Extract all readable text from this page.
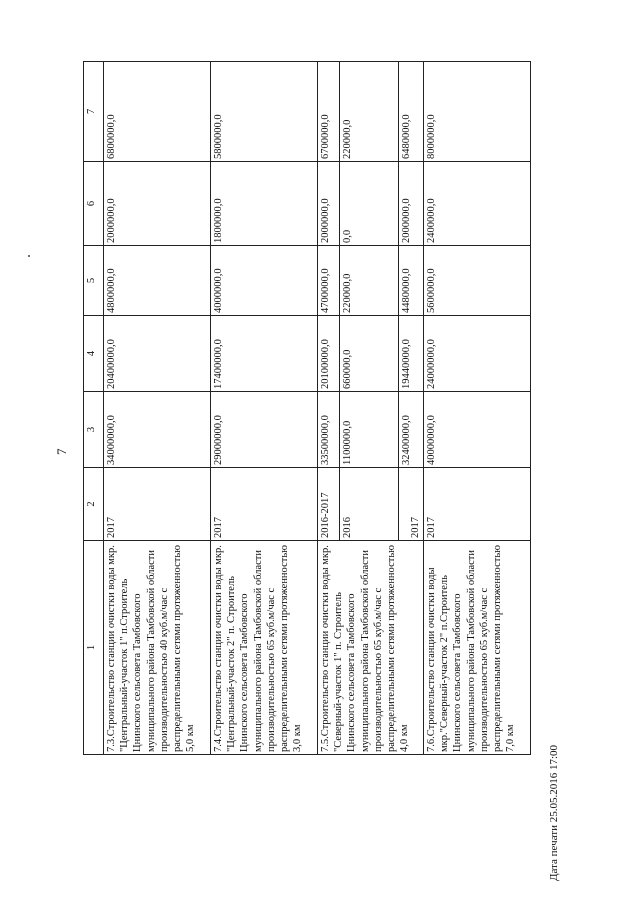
7
1	2	3	4	5	6	7
7.3.Строительство станции очистки воды мкр. "Центральный-участок 1" п.Строитель Цнинского сельсовета Тамбовского муниципального района Тамбовской области производительностью 40 куб.м/час с распределительными сетями протяженностью 5,0 км	2017	34000000,0	20400000,0	4800000,0	2000000,0	6800000,0
7.4.Строительство станции очистки воды мкр. "Центральный-участок 2" п. Строитель Цнинского сельсовета Тамбовского муниципального района Тамбовской области производительностью 65 куб.м/час с распределительными сетями протяженностью 3,0 км	2017	29000000,0	17400000,0	4000000,0	1800000,0	5800000,0
7.5.Строительство станции очистки воды мкр. "Северный-участок 1" п. Строитель Цнинского сельсовета Тамбовского муниципального района Тамбовской области производительностью 65 куб.м/час с распределительными сетями протяженностью 4,0 км	2016-2017	33500000,0	20100000,0	4700000,0	2000000,0	6700000,0
	2016	1100000,0	660000,0	220000,0	0,0	220000,0
	2017	32400000,0	19440000,0	4480000,0	2000000,0	6480000,0
7.6.Строительство станции очистки воды мкр."Северный-участок 2" п.Строитель Цнинского сельсовета Тамбовского муниципального района Тамбовской области производительностью 65 куб.м/час с распределительными сетями протяженностью 7,0 км	2017	40000000,0	24000000,0	5600000,0	2400000,0	8000000,0
Дата печати 25.05.2016 17:00
